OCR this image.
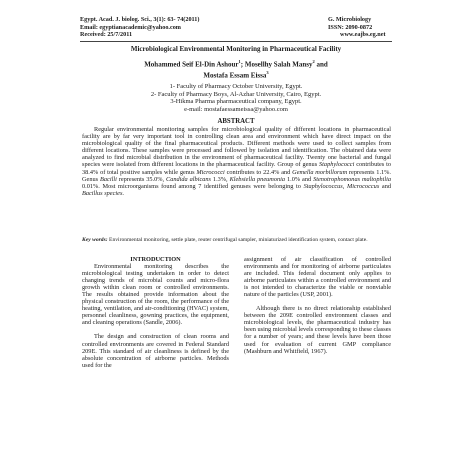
Egypt. Acad. J. biolog. Sci., 3(1): 63- 74(2011)
Email: egyptianacademic@yahoo.com
Received: 25/7/2011
G. Microbiology
ISSN: 2090-0872
www.eajbs.eg.net
Microbiological Environmental Monitoring in Pharmaceutical Facility
Mohammed Seif El-Din Ashour$^1$; Mosellhy Salah Mansy$^2$ and
Mostafa Essam Eissa$^3$
1- Faculty of Pharmacy October University, Egypt.
2- Faculty of Pharmacy Boys, Al-Azhar University, Cairo, Egypt.
3-Hikma Pharma pharmaceutical company, Egypt.
e-mail: mostafaessameissa@yahoo.com
ABSTRACT

Regular environmental monitoring samples for microbiological quality of different locations in pharmaceutical facility are by far very important tool in controlling clean area and environment which have direct impact on the microbiological quality of the final pharmaceutical products. Different methods were used to collect samples from different locations. These samples were processed and followed by isolation and identification. The obtained data were analyzed to find microbial distribution in the environment of pharmaceutical facility. Twenty one bacterial and fungal species were isolated from different locations in the pharmaceutical facility. Group of genus Staphylococci contributes to 38.4% of total positive samples while genus Micrococci contributes to 22.4% and Gemella morbillorum represents 1.1%. Genus Bacilli represents 35.0%, Candida albicans 1.3%, Klebsiella pneumonia 1.0% and Stenotrophomonas maltophilia 0.01%. Most microorganisms found among 7 identified genuses were belonging to Staphylococcus, Micrococcus and Bacillus species.

Key words: Environmental monitoring, settle plate, reuter centrifugal sampler, miniaturized identification system, contact plate.

INTRODUCTION

Environmental monitoring describes the microbiological testing undertaken in order to detect changing trends of microbial counts and micro-flora growth within clean room or controlled environments. The results obtained provide information about the physical construction of the room, the performance of the heating, ventilation, and air-conditioning (HVAC) system, personnel cleanliness, gowning practices, the equipment, and cleaning operations (Sandle, 2006).

The design and construction of clean rooms and controlled environments are covered in Federal Standard 209E. This standard of air cleanliness is defined by the absolute concentration of airborne particles. Methods used for the

assignment of air classification of controlled environments and for monitoring of airborne particulates are included. This federal document only applies to airborne particulates within a controlled environment and is not intended to characterize the viable or nonviable nature of the particles (USP, 2001).

Although there is no direct relationship established between the 209E controlled environment classes and microbiological levels, the pharmaceutical industry has been using microbial levels corresponding to these classes for a number of years; and these levels have been those used for evaluation of current GMP compliance (Mashburn and Whitfield, 1967).
